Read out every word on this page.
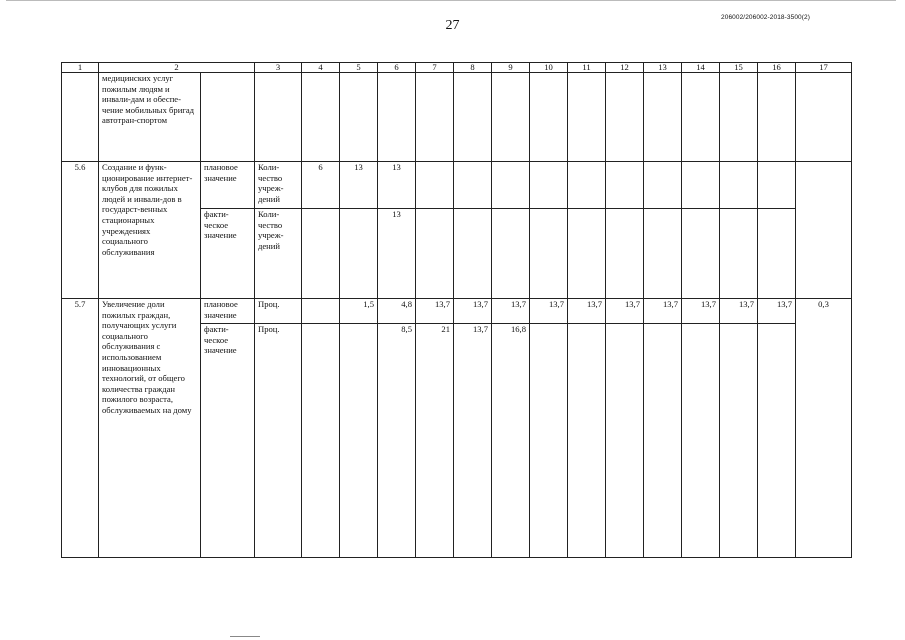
27
206002/206002-2018-3500(2)
1	2		3	4	5	6	7	8	9	10	11	12	13	14	15	16	17
	медицинских услуг пожилым людям и инвали-дам и обеспе-чение мобильных бригад автотран-спортом																
5.6	Создание и функ-ционирование интернет-клубов для пожилых людей и инвали-дов в государст-венных стационарных учреждениях социального обслуживания	плановое значение	Коли-чество учреж-дений	6	13	13											
		факти-ческое значение	Коли-чество учреж-дений			13											
5.7	Увеличение доли пожилых граждан, получающих услуги социального обслуживания с использованием инновационных технологий, от общего количества граждан пожилого возраста, обслуживаемых на дому	плановое значение	Проц.		1,5	4,8	13,7	13,7	13,7	13,7	13,7	13,7	13,7	13,7	13,7	13,7	0,3
		факти-ческое значение	Проц.			8,5	21	13,7	16,8								
